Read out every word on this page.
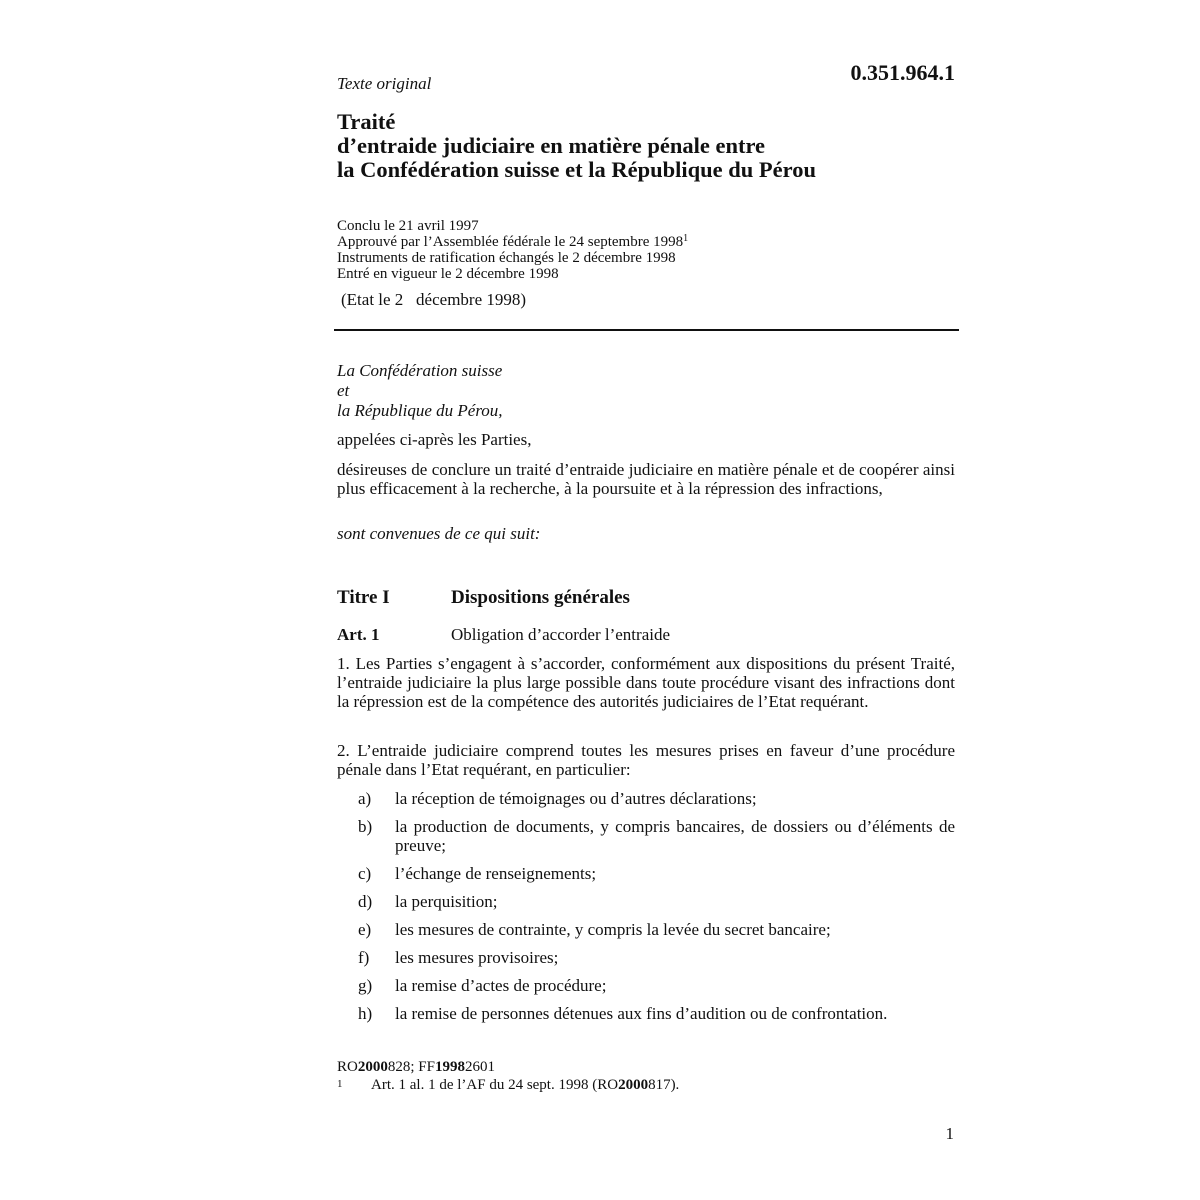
0.351.964.1
Texte original
Traité
d’entraide judiciaire en matière pénale entre
la Confédération suisse et la République du Pérou
Conclu le 21 avril 1997
Approuvé par l’Assemblée fédérale le 24 septembre 1998$^1$
Instruments de ratification échangés le 2 décembre 1998
Entré en vigueur le 2 décembre 1998
(Etat le 2   décembre 1998)
La Confédération suisse
et
la République du Pérou,
appelées ci-après les Parties,
désireuses de conclure un traité d’entraide judiciaire en matière pénale et de coopérer ainsi plus efficacement à la recherche, à la poursuite et à la répression des infractions,
sont convenues de ce qui suit:
Titre I	Dispositions générales
Art. 1	Obligation d’accorder l’entraide
1. Les Parties s’engagent à s’accorder, conformément aux dispositions du présent Traité, l’entraide judiciaire la plus large possible dans toute procédure visant des infractions dont la répression est de la compétence des autorités judiciaires de l’Etat requérant.
2. L’entraide judiciaire comprend toutes les mesures prises en faveur d’une procédure pénale dans l’Etat requérant, en particulier:
a)	la réception de témoignages ou d’autres déclarations;
b)	la production de documents, y compris bancaires, de dossiers ou d’éléments de preuve;
c)	l’échange de renseignements;
d)	la perquisition;
e)	les mesures de contrainte, y compris la levée du secret bancaire;
f)	les mesures provisoires;
g)	la remise d’actes de procédure;
h)	la remise de personnes détenues aux fins d’audition ou de confrontation.
RO 2000 828; FF 1998 2601
1	Art. 1 al. 1 de l’AF du 24 sept. 1998 (RO 2000 817).
1
